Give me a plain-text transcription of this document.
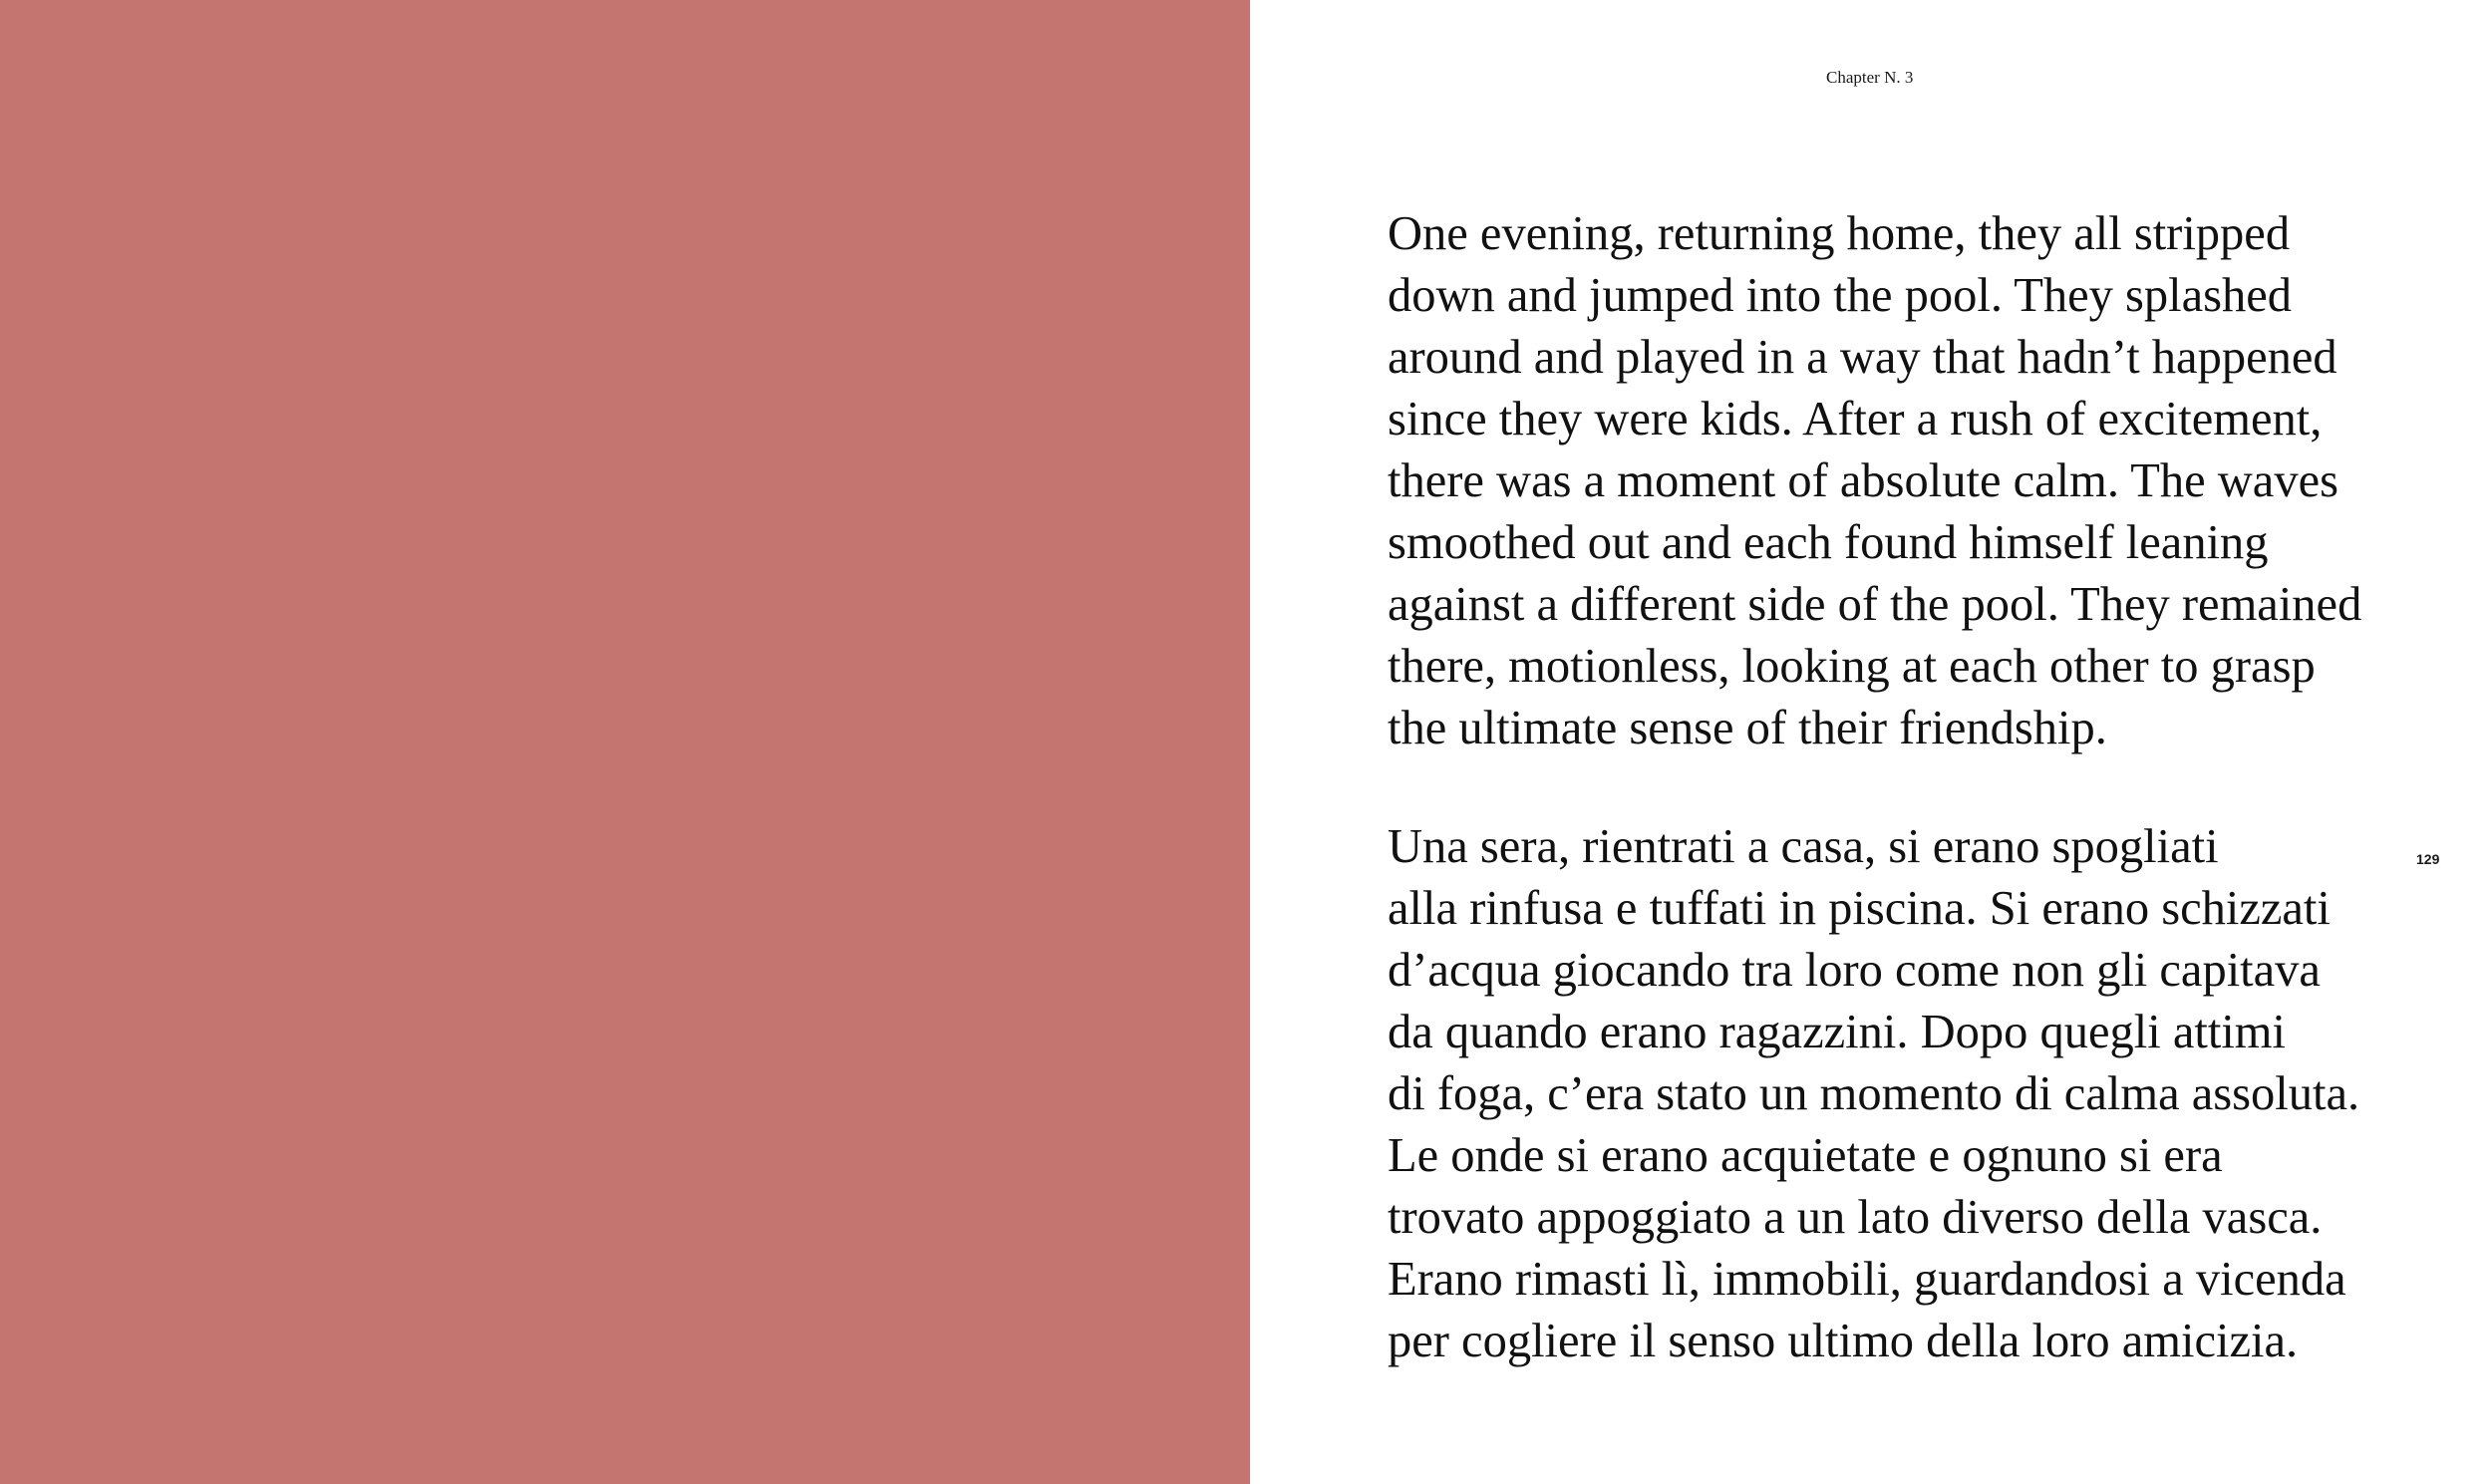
Chapter N. 3
One evening, returning home, they all stripped
down and jumped into the pool. They splashed
around and played in a way that hadn’t happened
since they were kids. After a rush of excitement,
there was a moment of absolute calm. The waves
smoothed out and each found himself leaning
against a different side of the pool. They remained
there, motionless, looking at each other to grasp
the ultimate sense of their friendship.
129
Una sera, rientrati a casa, si erano spogliati
alla rinfusa e tuffati in piscina. Si erano schizzati
d’acqua giocando tra loro come non gli capitava
da quando erano ragazzini. Dopo quegli attimi
di foga, c’era stato un momento di calma assoluta.
Le onde si erano acquietate e ognuno si era
trovato appoggiato a un lato diverso della vasca.
Erano rimasti lì, immobili, guardandosi a vicenda
per cogliere il senso ultimo della loro amicizia.
